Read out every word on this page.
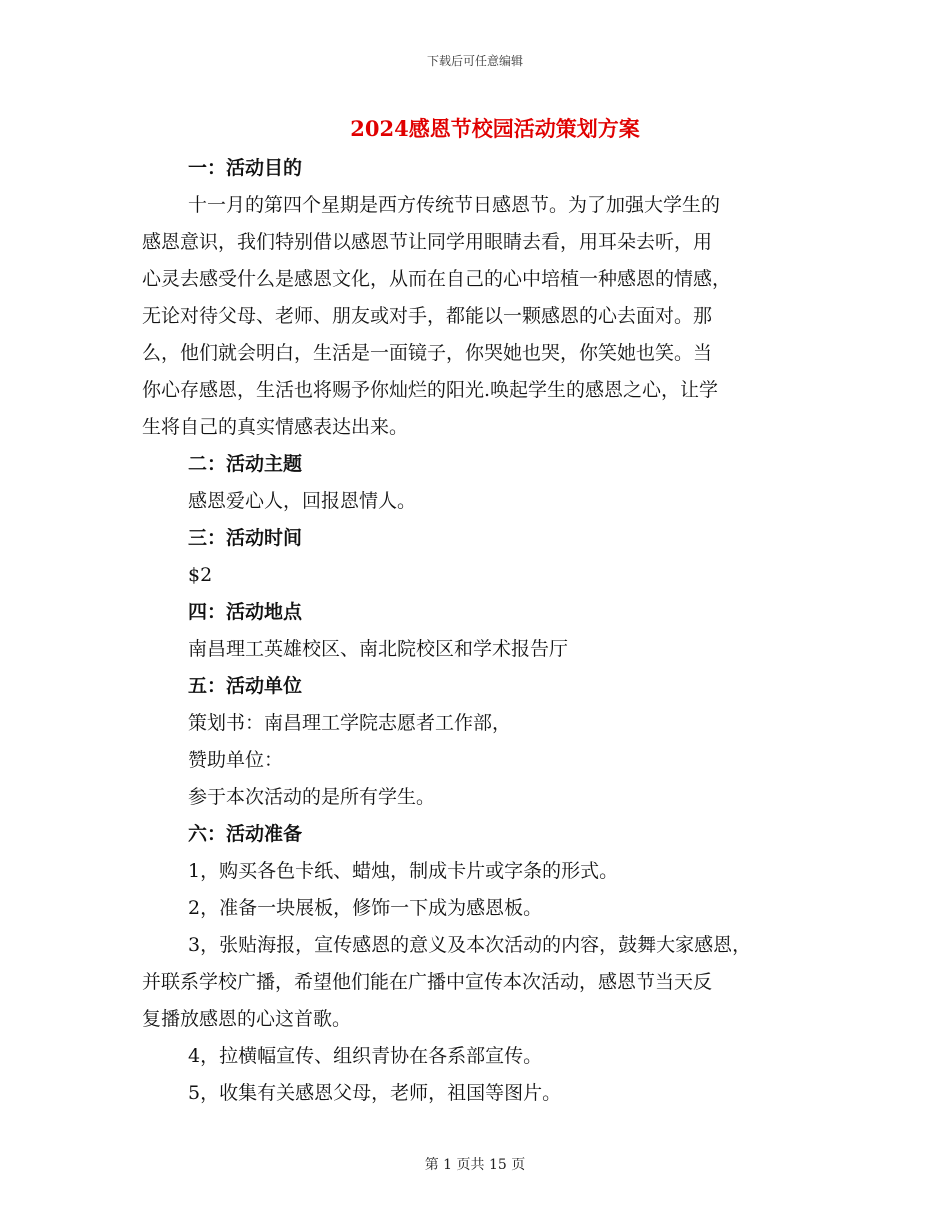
下载后可任意编辑
2024感恩节校园活动策划方案
一：活动目的
十一月的第四个星期是西方传统节日感恩节。为了加强大学生的
感恩意识，我们特别借以感恩节让同学用眼睛去看，用耳朵去听，用
心灵去感受什么是感恩文化，从而在自己的心中培植一种感恩的情感，
无论对待父母、老师、朋友或对手，都能以一颗感恩的心去面对。那
么，他们就会明白，生活是一面镜子，你哭她也哭，你笑她也笑。当
你心存感恩，生活也将赐予你灿烂的阳光.唤起学生的感恩之心，让学
生将自己的真实情感表达出来。
二：活动主题
感恩爱心人，回报恩情人。
三：活动时间
$2
四：活动地点
南昌理工英雄校区、南北院校区和学术报告厅
五：活动单位
策划书：南昌理工学院志愿者工作部，
赞助单位：
参于本次活动的是所有学生。
六：活动准备
1，购买各色卡纸、蜡烛，制成卡片或字条的形式。
2，准备一块展板，修饰一下成为感恩板。
3，张贴海报，宣传感恩的意义及本次活动的内容，鼓舞大家感恩，
并联系学校广播，希望他们能在广播中宣传本次活动，感恩节当天反
复播放感恩的心这首歌。
4，拉横幅宣传、组织青协在各系部宣传。
5，收集有关感恩父母，老师，祖国等图片。
第 1 页共 15 页
